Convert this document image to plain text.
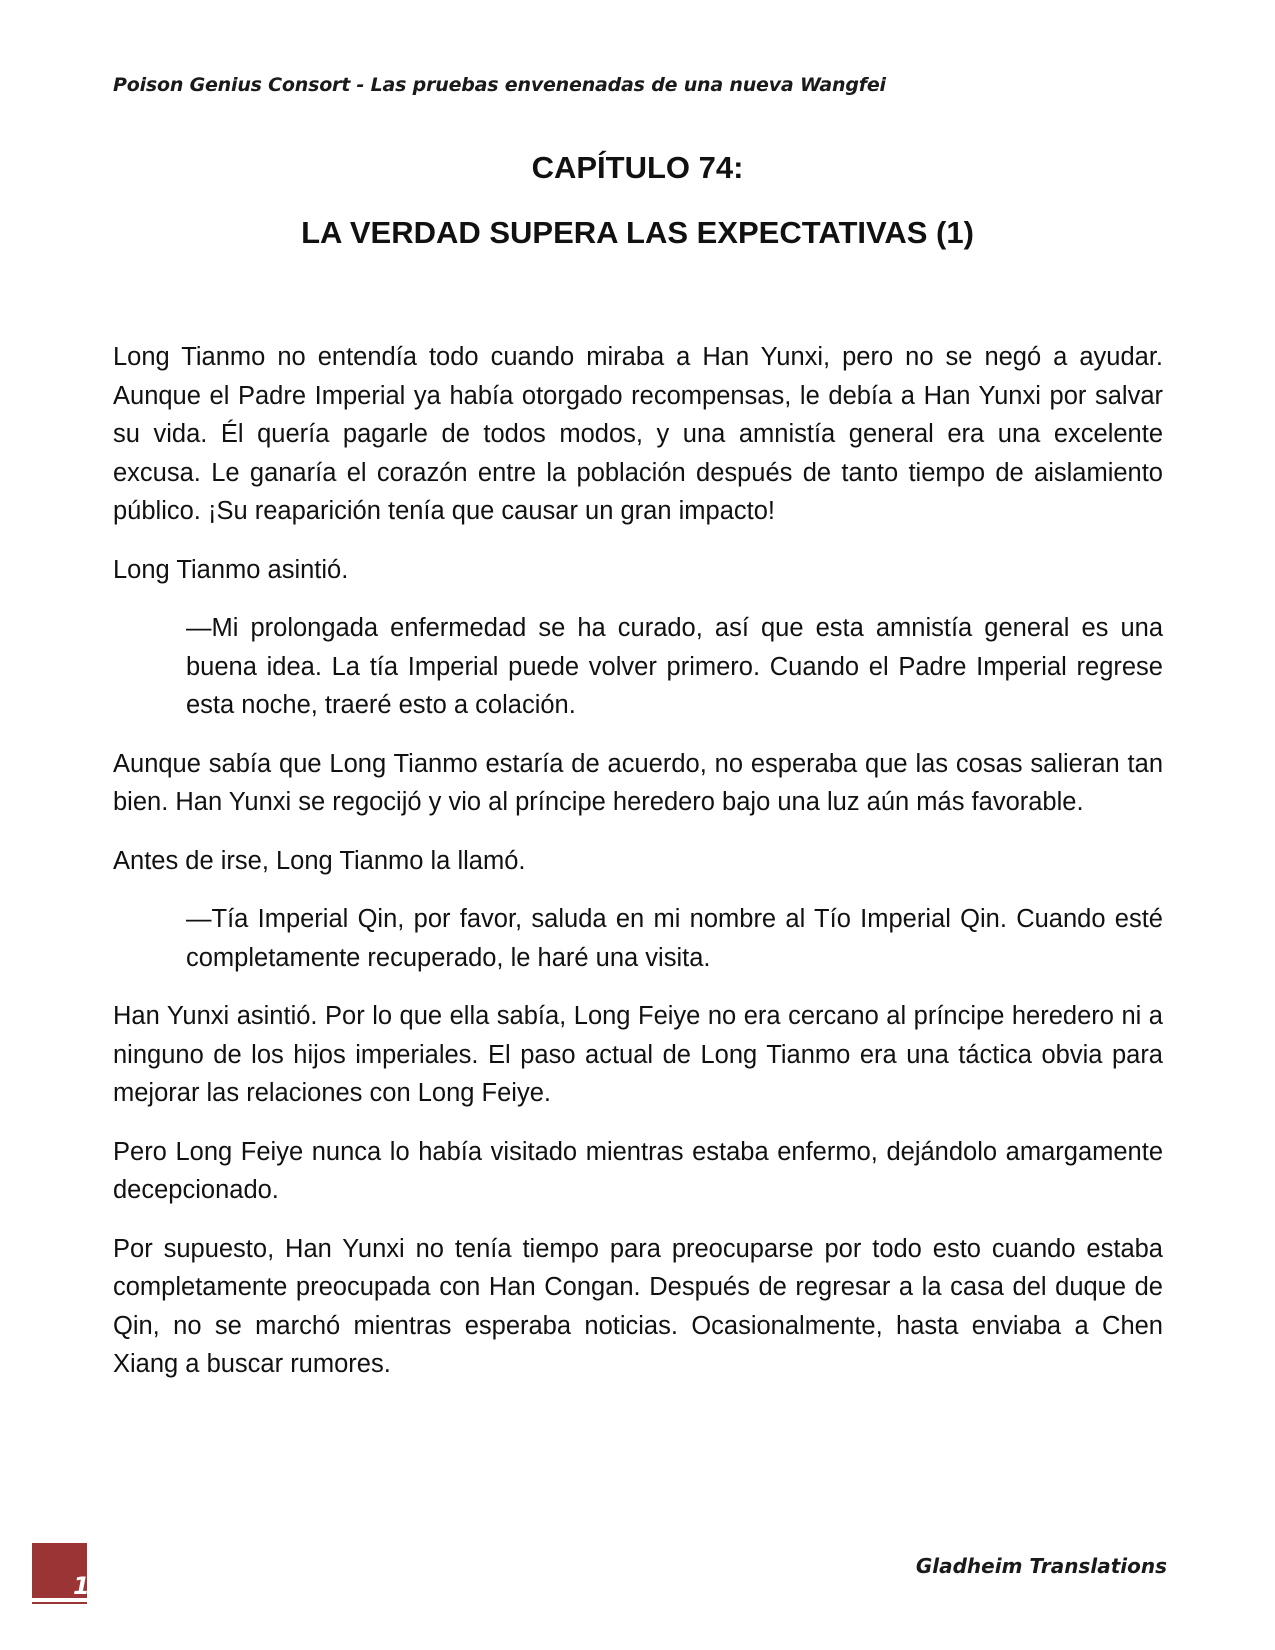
Poison Genius Consort - Las pruebas envenenadas de una nueva Wangfei
CAPÍTULO 74:
LA VERDAD SUPERA LAS EXPECTATIVAS (1)

Long Tianmo no entendía todo cuando miraba a Han Yunxi, pero no se negó a ayudar. Aunque el Padre Imperial ya había otorgado recompensas, le debía a Han Yunxi por salvar su vida. Él quería pagarle de todos modos, y una amnistía general era una excelente excusa. Le ganaría el corazón entre la población después de tanto tiempo de aislamiento público. ¡Su reaparición tenía que causar un gran impacto!

Long Tianmo asintió.

—Mi prolongada enfermedad se ha curado, así que esta amnistía general es una buena idea. La tía Imperial puede volver primero. Cuando el Padre Imperial regrese esta noche, traeré esto a colación.

Aunque sabía que Long Tianmo estaría de acuerdo, no esperaba que las cosas salieran tan bien. Han Yunxi se regocijó y vio al príncipe heredero bajo una luz aún más favorable.

Antes de irse, Long Tianmo la llamó.

—Tía Imperial Qin, por favor, saluda en mi nombre al Tío Imperial Qin. Cuando esté completamente recuperado, le haré una visita.

Han Yunxi asintió. Por lo que ella sabía, Long Feiye no era cercano al príncipe heredero ni a ninguno de los hijos imperiales. El paso actual de Long Tianmo era una táctica obvia para mejorar las relaciones con Long Feiye.

Pero Long Feiye nunca lo había visitado mientras estaba enfermo, dejándolo amargamente decepcionado.

Por supuesto, Han Yunxi no tenía tiempo para preocuparse por todo esto cuando estaba completamente preocupada con Han Congan. Después de regresar a la casa del duque de Qin, no se marchó mientras esperaba noticias. Ocasionalmente, hasta enviaba a Chen Xiang a buscar rumores.

1
Gladheim Translations
